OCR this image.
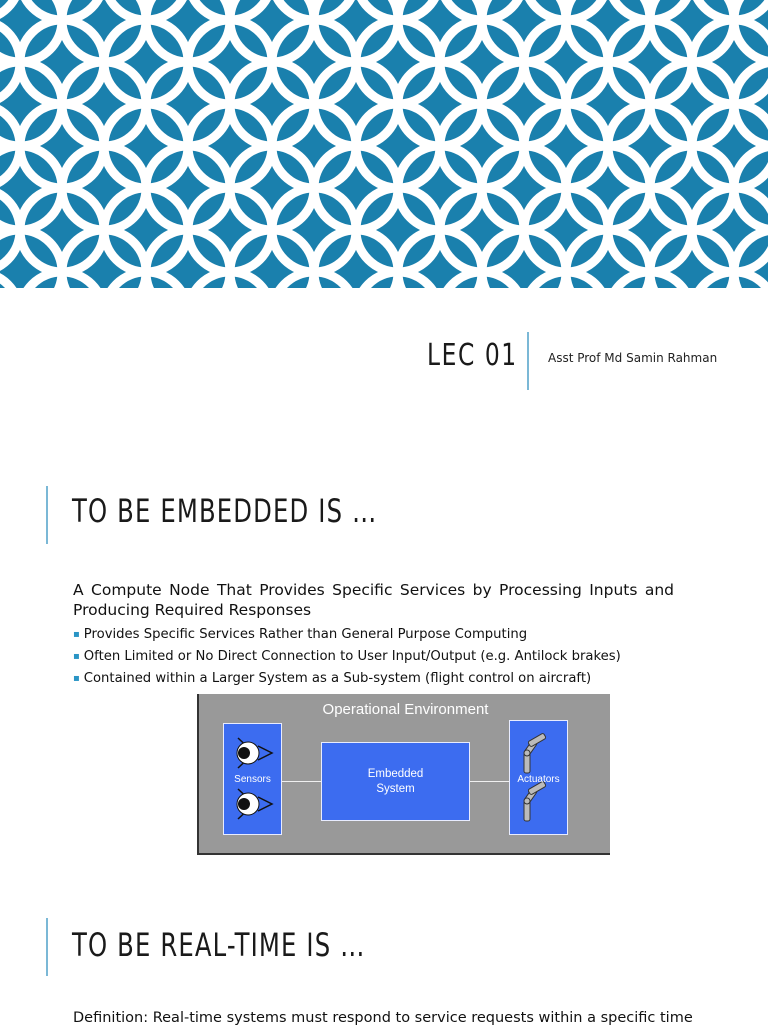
LEC 01	Asst Prof Md Samin Rahman
TO BE EMBEDDED IS …
A Compute Node That Provides Specific Services by Processing Inputs and Producing Required Responses
▪ Provides Specific Services Rather than General Purpose Computing
▪ Often Limited or No Direct Connection to User Input/Output (e.g. Antilock brakes)
▪ Contained within a Larger System as a Sub-system (flight control on aircraft)
Operational Environment
Sensors	Embedded
System
Actuators
TO BE REAL-TIME IS …
Definition: Real-time systems must respond to service requests within a specific time
